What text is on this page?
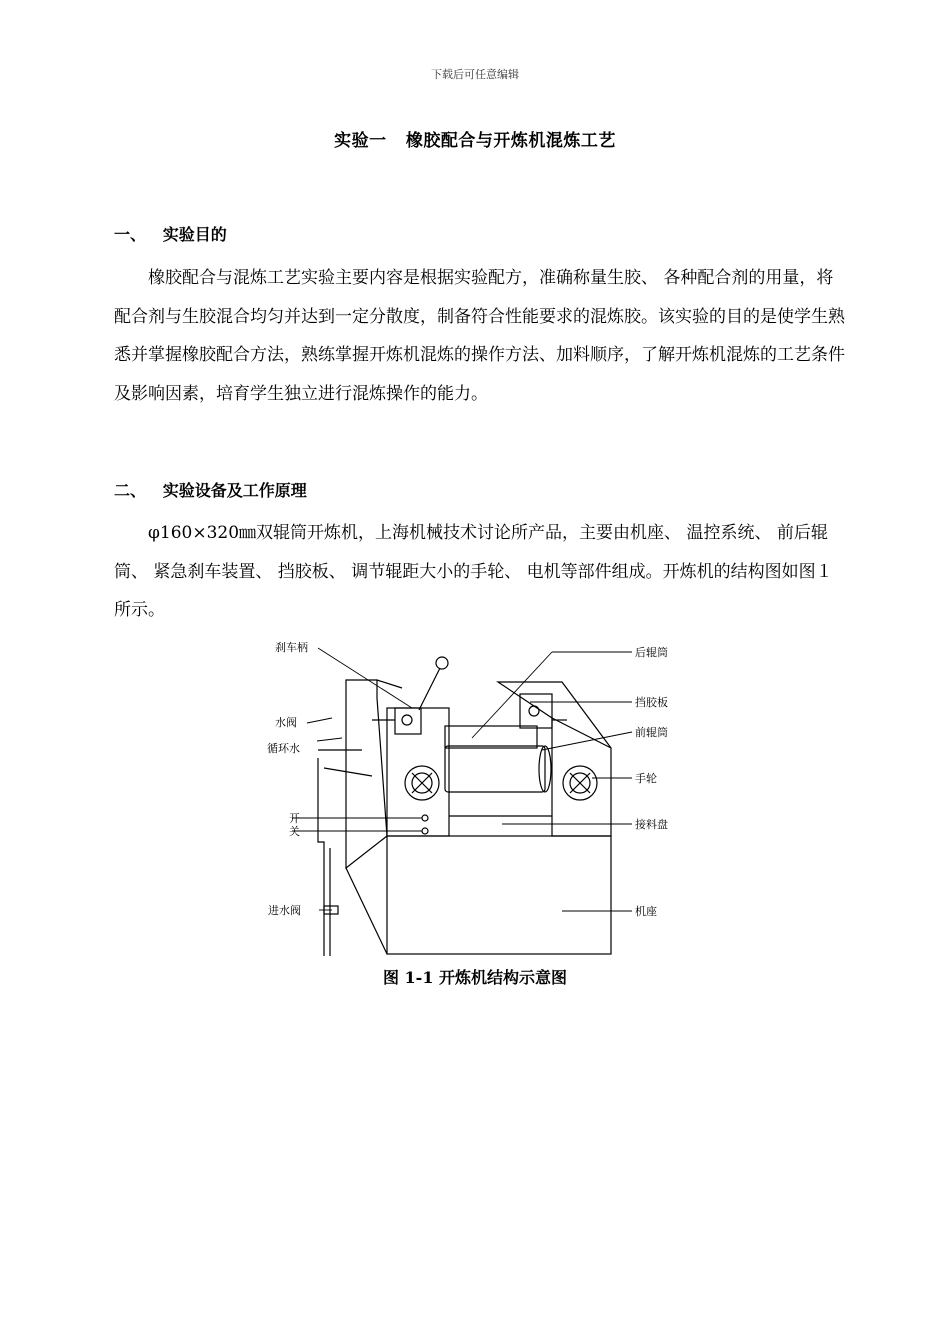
下载后可任意编辑
实验一   橡胶配合与开炼机混炼工艺
一、   实验目的

橡胶配合与混炼工艺实验主要内容是根据实验配方，准确称量生胶、 各种配合剂的用量，将配合剂与生胶混合均匀并达到一定分散度，制备符合性能要求的混炼胶。该实验的目的是使学生熟悉并掌握橡胶配合方法，熟练掌握开炼机混炼的操作方法、加料顺序，了解开炼机混炼的工艺条件及影响因素，培育学生独立进行混炼操作的能力。

二、   实验设备及工作原理

φ160×320㎜双辊筒开炼机，上海机械技术讨论所产品，主要由机座、 温控系统、 前后辊筒、 紧急刹车装置、 挡胶板、 调节辊距大小的手轮、 电机等部件组成。开炼机的结构图如图１所示。

刹车柄
水阀
循环水
开
关
进水阀
后辊筒
挡胶板
前辊筒
手轮
接料盘
机座
图 1-1 开炼机结构示意图
